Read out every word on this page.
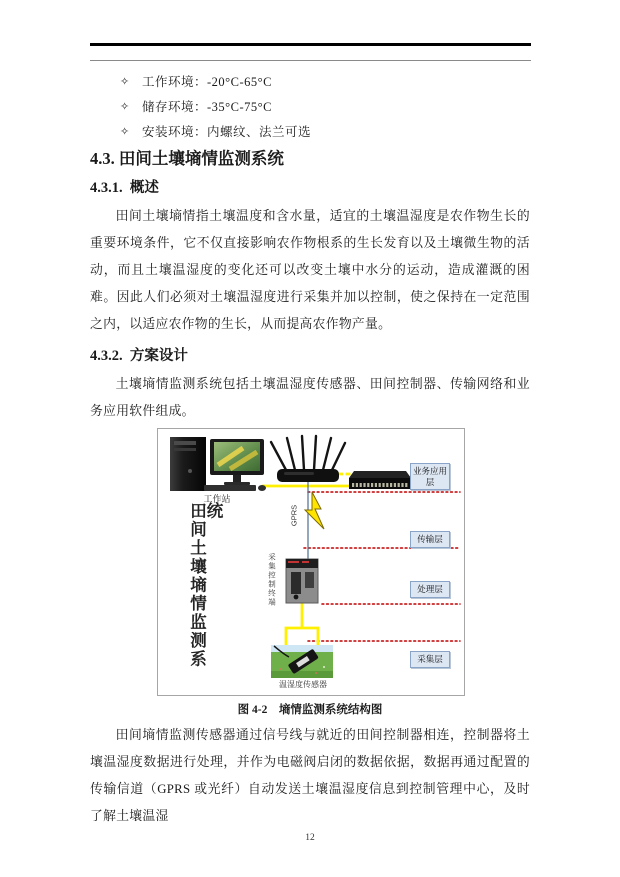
✧	工作环境：-20°C-65°C
✧	储存环境：-35°C-75°C
✧	安装环境：内螺纹、法兰可选
4.3. 田间土壤墒情监测系统
4.3.1.  概述

田间土壤墒情指土壤温度和含水量，适宜的土壤温湿度是农作物生长的重要环境条件，它不仅直接影响农作物根系的生长发育以及土壤微生物的活动，而且土壤温湿度的变化还可以改变土壤中水分的运动，造成灌溉的困难。因此人们必须对土壤温湿度进行采集并加以控制，使之保持在一定范围之内，以适应农作物的生长，从而提高农作物产量。

4.3.2.  方案设计

土壤墒情监测系统包括土壤温湿度传感器、田间控制器、传输网络和业务应用软件组成。

工作站
田间土壤墒情监测系统	GPRS
采集控制终端
温湿度传感器
业务应用层
传输层
处理层
采集层
图 4-2    墒情监测系统结构图

田间墒情监测传感器通过信号线与就近的田间控制器相连，控制器将土壤温湿度数据进行处理，并作为电磁阀启闭的数据依据，数据再通过配置的传输信道（GPRS 或光纤）自动发送土壤温湿度信息到控制管理中心，及时了解土壤温湿

12
